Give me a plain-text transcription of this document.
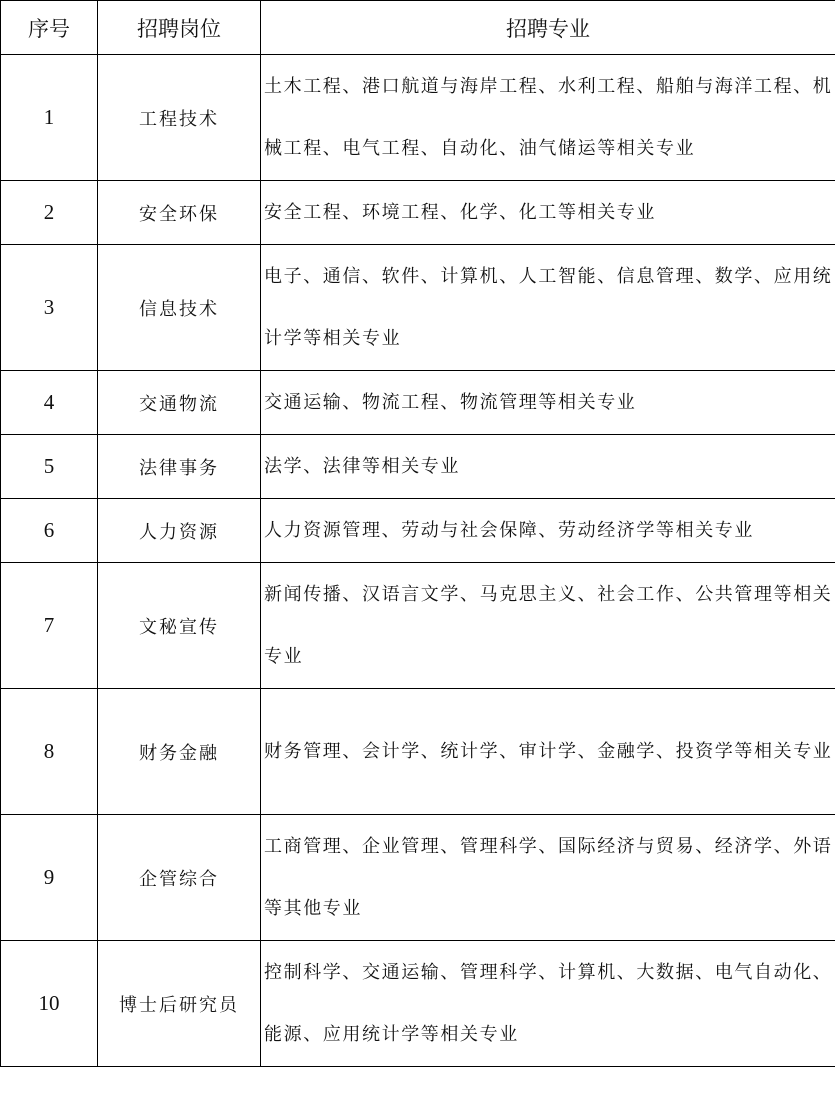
序号	招聘岗位	招聘专业
1	工程技术	土木工程、港口航道与海岸工程、水利工程、船舶与海洋工程、机械工程、电气工程、自动化、油气储运等相关专业
2	安全环保	安全工程、环境工程、化学、化工等相关专业
3	信息技术	电子、通信、软件、计算机、人工智能、信息管理、数学、应用统计学等相关专业
4	交通物流	交通运输、物流工程、物流管理等相关专业
5	法律事务	法学、法律等相关专业
6	人力资源	人力资源管理、劳动与社会保障、劳动经济学等相关专业
7	文秘宣传	新闻传播、汉语言文学、马克思主义、社会工作、公共管理等相关专业
8	财务金融	财务管理、会计学、统计学、审计学、金融学、投资学等相关专业
9	企管综合	工商管理、企业管理、管理科学、国际经济与贸易、经济学、外语等其他专业
10	博士后研究员	控制科学、交通运输、管理科学、计算机、大数据、电气自动化、能源、应用统计学等相关专业
